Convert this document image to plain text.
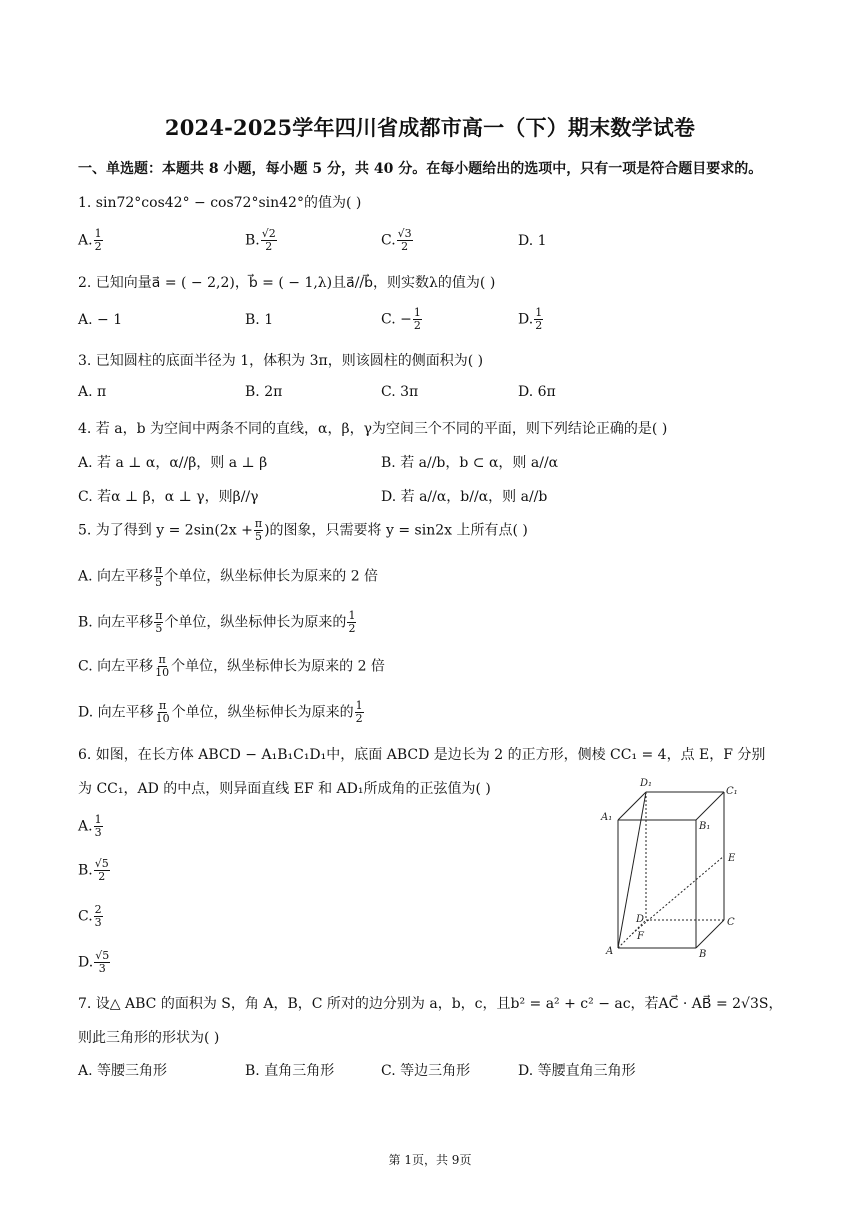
2024-2025学年四川省成都市高一（下）期末数学试卷
一、单选题：本题共 8 小题，每小题 5 分，共 40 分。在每小题给出的选项中，只有一项是符合题目要求的。
1. sin72°cos42° − cos72°sin42°的值为( )
A. $\frac{1}{2}$	B. $\frac{√2}{2}$	C. $\frac{√3}{2}$	D. 1
2. 已知向量a⃗ = ( − 2,2)，b⃗ = ( − 1,λ)且a⃗//b⃗，则实数λ的值为( )
A. − 1	B. 1	C. − $\frac{1}{2}$	D. $\frac{1}{2}$
3. 已知圆柱的底面半径为 1，体积为 3π，则该圆柱的侧面积为( )
A. π	B. 2π	C. 3π	D. 6π
4. 若 a，b 为空间中两条不同的直线，α，β，γ为空间三个不同的平面，则下列结论正确的是( )
A. 若 a ⊥ α，α//β，则 a ⊥ β	B. 若 a//b，b ⊂ α，则 a//α
C. 若α ⊥ β，α ⊥ γ，则β//γ	D. 若 a//α，b//α，则 a//b
5. 为了得到 $y = 2\sin(2x + \frac{\pi}{5}$ )的图象，只需要将 y = sin2x 上所有点( )
A. 向左平移 $\frac{\pi}{5}$ 个单位，纵坐标伸长为原来的 2 倍
B. 向左平移 $\frac{\pi}{5}$ 个单位，纵坐标伸长为原来的 $\frac{1}{2}$
C. 向左平移 $\frac{\pi}{10}$ 个单位，纵坐标伸长为原来的 2 倍
D. 向左平移 $\frac{\pi}{10}$ 个单位，纵坐标伸长为原来的 $\frac{1}{2}$
6. 如图，在长方体 ABCD − A₁B₁C₁D₁中，底面 ABCD 是边长为 2 的正方形，侧棱 CC₁ = 4，点 E，F 分别
为 CC₁，AD 的中点，则异面直线 EF 和 AD₁所成角的正弦值为( )
A. $\frac{1}{3}$
B. $\frac{√5}{2}$
C. $\frac{2}{3}$
D. $\frac{√5}{3}$
D₁
C₁
A₁
B₁
E
D	C
F
A	B
7. 设△ ABC 的面积为 S，角 A，B，C 所对的边分别为 a，b，c，且b² = a² + c² − ac，若AC⃗ · AB⃗ = 2√3S，
则此三角形的形状为( )
A. 等腰三角形	B. 直角三角形	C. 等边三角形	D. 等腰直角三角形
第 1页，共 9页
